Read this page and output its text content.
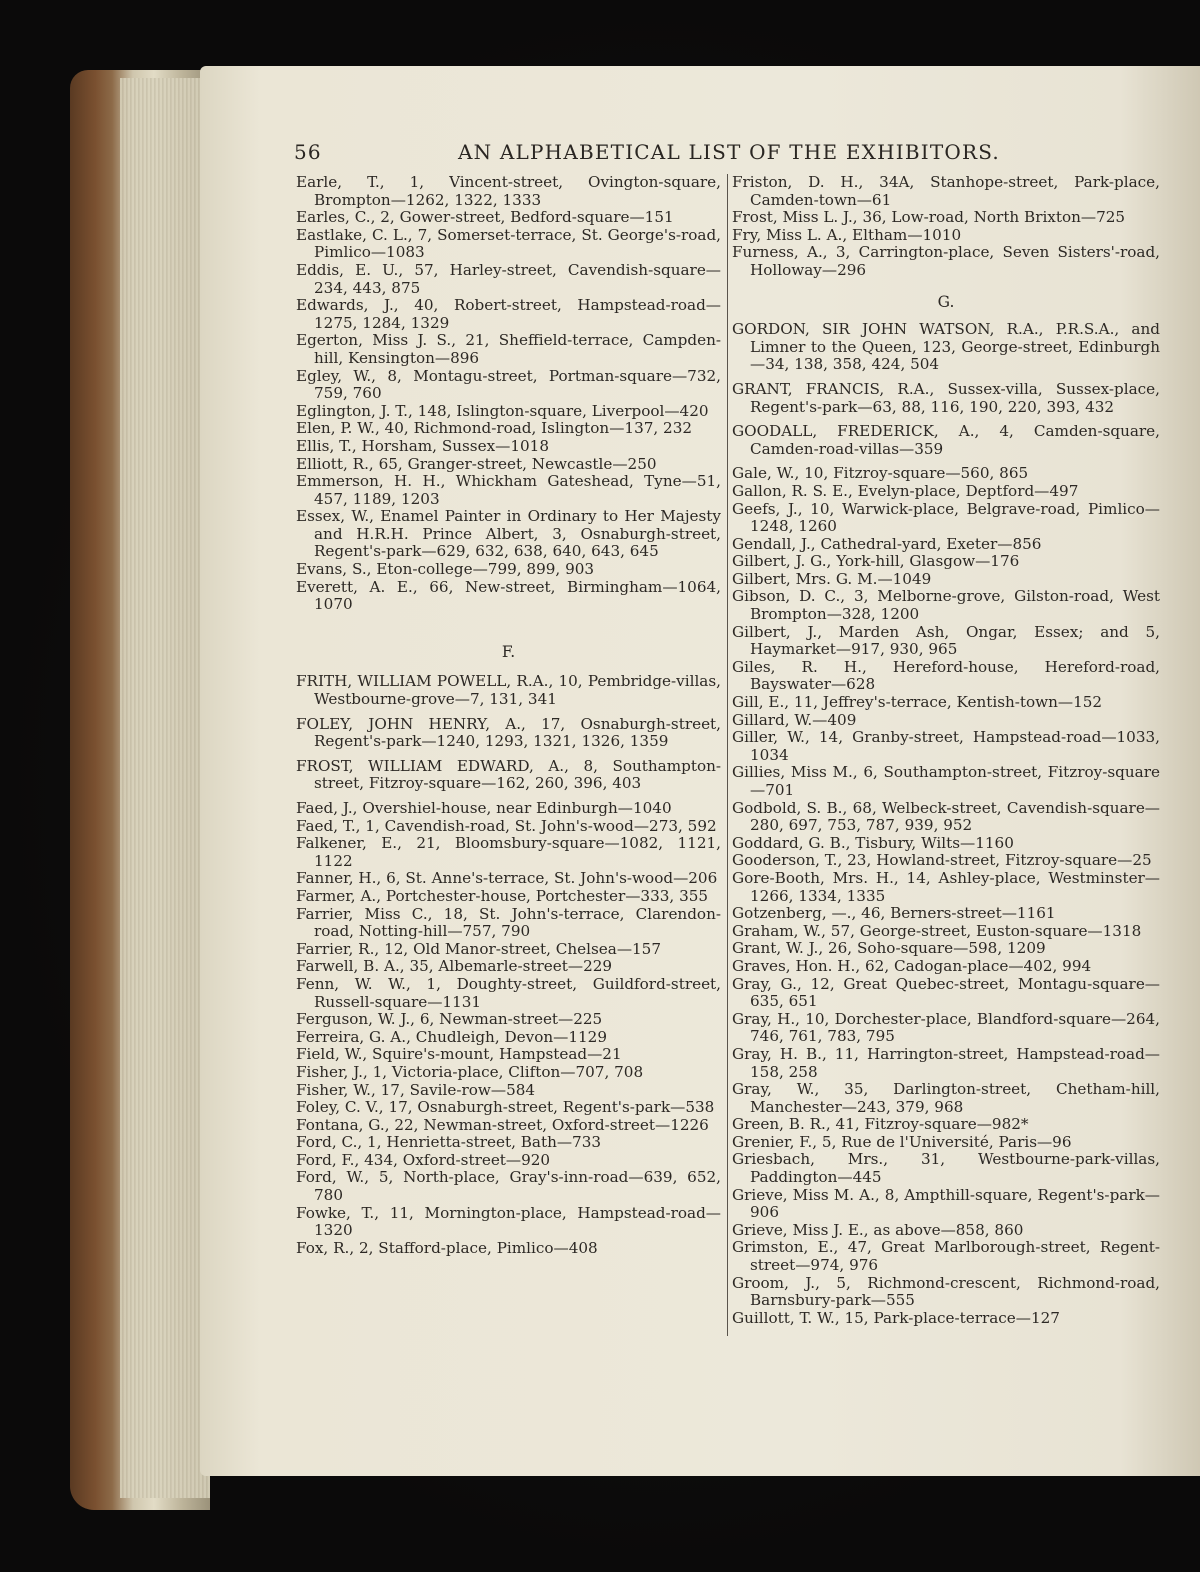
56	AN ALPHABETICAL LIST OF THE EXHIBITORS.

Earle, T., 1, Vincent-street, Ovington-square, Brompton—1262, 1322, 1333

Earles, C., 2, Gower-street, Bedford-square—151

Eastlake, C. L., 7, Somerset-terrace, St. George's-road, Pimlico—1083

Eddis, E. U., 57, Harley-street, Cavendish-square—234, 443, 875

Edwards, J., 40, Robert-street, Hampstead-road—1275, 1284, 1329

Egerton, Miss J. S., 21, Sheffield-terrace, Campden-hill, Kensington—896

Egley, W., 8, Montagu-street, Portman-square—732, 759, 760

Eglington, J. T., 148, Islington-square, Liverpool—420

Elen, P. W., 40, Richmond-road, Islington—137, 232

Ellis, T., Horsham, Sussex—1018

Elliott, R., 65, Granger-street, Newcastle—250

Emmerson, H. H., Whickham Gateshead, Tyne—51, 457, 1189, 1203

Essex, W., Enamel Painter in Ordinary to Her Majesty and H.R.H. Prince Albert, 3, Osnaburgh-street, Regent's-park—629, 632, 638, 640, 643, 645

Evans, S., Eton-college—799, 899, 903

Everett, A. E., 66, New-street, Birmingham—1064, 1070

F.

FRITH, WILLIAM POWELL, R.A., 10, Pembridge-villas, Westbourne-grove—7, 131, 341

FOLEY, JOHN HENRY, A., 17, Osnaburgh-street, Regent's-park—1240, 1293, 1321, 1326, 1359

FROST, WILLIAM EDWARD, A., 8, Southampton-street, Fitzroy-square—162, 260, 396, 403

Faed, J., Overshiel-house, near Edinburgh—1040

Faed, T., 1, Cavendish-road, St. John's-wood—273, 592

Falkener, E., 21, Bloomsbury-square—1082, 1121, 1122

Fanner, H., 6, St. Anne's-terrace, St. John's-wood—206

Farmer, A., Portchester-house, Portchester—333, 355

Farrier, Miss C., 18, St. John's-terrace, Clarendon-road, Notting-hill—757, 790

Farrier, R., 12, Old Manor-street, Chelsea—157

Farwell, B. A., 35, Albemarle-street—229

Fenn, W. W., 1, Doughty-street, Guildford-street, Russell-square—1131

Ferguson, W. J., 6, Newman-street—225

Ferreira, G. A., Chudleigh, Devon—1129

Field, W., Squire's-mount, Hampstead—21

Fisher, J., 1, Victoria-place, Clifton—707, 708

Fisher, W., 17, Savile-row—584

Foley, C. V., 17, Osnaburgh-street, Regent's-park—538

Fontana, G., 22, Newman-street, Oxford-street—1226

Ford, C., 1, Henrietta-street, Bath—733

Ford, F., 434, Oxford-street—920

Ford, W., 5, North-place, Gray's-inn-road—639, 652, 780

Fowke, T., 11, Mornington-place, Hampstead-road—1320

Fox, R., 2, Stafford-place, Pimlico—408

Friston, D. H., 34A, Stanhope-street, Park-place, Camden-town—61

Frost, Miss L. J., 36, Low-road, North Brixton—725

Fry, Miss L. A., Eltham—1010

Furness, A., 3, Carrington-place, Seven Sisters'-road, Holloway—296

G.

GORDON, SIR JOHN WATSON, R.A., P.R.S.A., and Limner to the Queen, 123, George-street, Edinburgh—34, 138, 358, 424, 504

GRANT, FRANCIS, R.A., Sussex-villa, Sussex-place, Regent's-park—63, 88, 116, 190, 220, 393, 432

GOODALL, FREDERICK, A., 4, Camden-square, Camden-road-villas—359

Gale, W., 10, Fitzroy-square—560, 865

Gallon, R. S. E., Evelyn-place, Deptford—497

Geefs, J., 10, Warwick-place, Belgrave-road, Pimlico—1248, 1260

Gendall, J., Cathedral-yard, Exeter—856

Gilbert, J. G., York-hill, Glasgow—176

Gilbert, Mrs. G. M.—1049

Gibson, D. C., 3, Melborne-grove, Gilston-road, West Brompton—328, 1200

Gilbert, J., Marden Ash, Ongar, Essex; and 5, Haymarket—917, 930, 965

Giles, R. H., Hereford-house, Hereford-road, Bayswater—628

Gill, E., 11, Jeffrey's-terrace, Kentish-town—152

Gillard, W.—409

Giller, W., 14, Granby-street, Hampstead-road—1033, 1034

Gillies, Miss M., 6, Southampton-street, Fitzroy-square—701

Godbold, S. B., 68, Welbeck-street, Cavendish-square—280, 697, 753, 787, 939, 952

Goddard, G. B., Tisbury, Wilts—1160

Gooderson, T., 23, Howland-street, Fitzroy-square—25

Gore-Booth, Mrs. H., 14, Ashley-place, Westminster—1266, 1334, 1335

Gotzenberg, —., 46, Berners-street—1161

Graham, W., 57, George-street, Euston-square—1318

Grant, W. J., 26, Soho-square—598, 1209

Graves, Hon. H., 62, Cadogan-place—402, 994

Gray, G., 12, Great Quebec-street, Montagu-square—635, 651

Gray, H., 10, Dorchester-place, Blandford-square—264, 746, 761, 783, 795

Gray, H. B., 11, Harrington-street, Hampstead-road—158, 258

Gray, W., 35, Darlington-street, Chetham-hill, Manchester—243, 379, 968

Green, B. R., 41, Fitzroy-square—982*

Grenier, F., 5, Rue de l'Université, Paris—96

Griesbach, Mrs., 31, Westbourne-park-villas, Paddington—445

Grieve, Miss M. A., 8, Ampthill-square, Regent's-park—906

Grieve, Miss J. E., as above—858, 860

Grimston, E., 47, Great Marlborough-street, Regent-street—974, 976

Groom, J., 5, Richmond-crescent, Richmond-road, Barnsbury-park—555

Guillott, T. W., 15, Park-place-terrace—127
